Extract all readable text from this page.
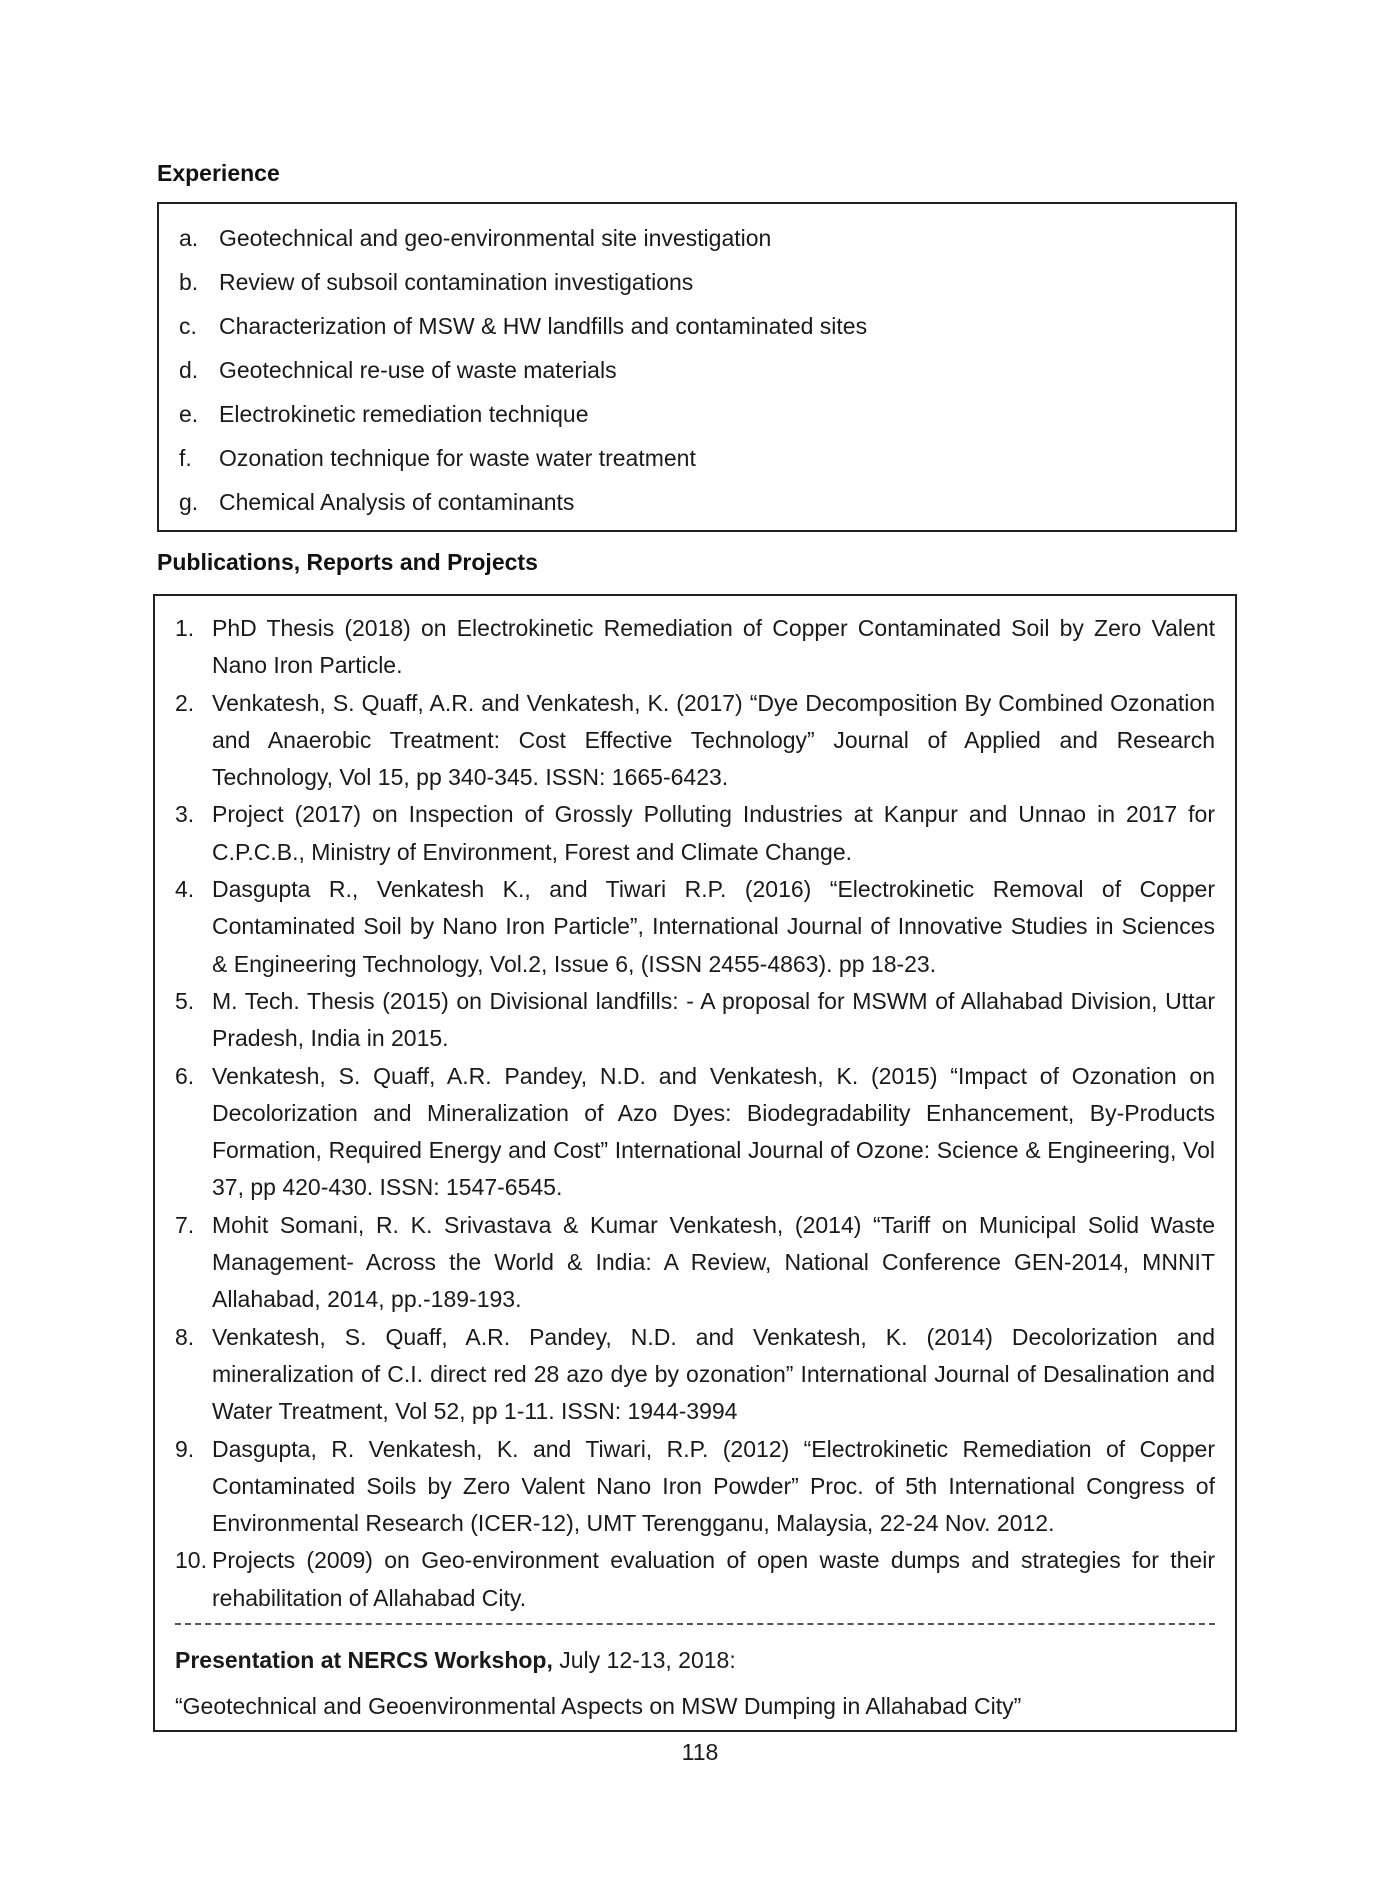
Experience
a. Geotechnical and geo-environmental site investigation
b. Review of subsoil contamination investigations
c. Characterization of MSW & HW landfills and contaminated sites
d. Geotechnical re-use of waste materials
e. Electrokinetic remediation technique
f.	Ozonation technique for waste water treatment
g. Chemical Analysis of contaminants
Publications, Reports and Projects
1. PhD Thesis (2018) on Electrokinetic Remediation of Copper Contaminated Soil by Zero Valent Nano Iron Particle.
2. Venkatesh, S. Quaff, A.R. and Venkatesh, K. (2017) “Dye Decomposition By Combined Ozonation and Anaerobic Treatment: Cost Effective Technology” Journal of Applied and Research Technology, Vol 15, pp 340-345. ISSN: 1665-6423.
3. Project (2017) on Inspection of Grossly Polluting Industries at Kanpur and Unnao in 2017 for C.P.C.B., Ministry of Environment, Forest and Climate Change.
4. Dasgupta R., Venkatesh K., and Tiwari R.P. (2016) “Electrokinetic Removal of Copper Contaminated Soil by Nano Iron Particle”, International Journal of Innovative Studies in Sciences & Engineering Technology, Vol.2, Issue 6, (ISSN 2455-4863). pp 18-23.
5. M. Tech. Thesis (2015) on Divisional landfills: - A proposal for MSWM of Allahabad Division, Uttar Pradesh, India in 2015.
6. Venkatesh, S. Quaff, A.R. Pandey, N.D. and Venkatesh, K. (2015) “Impact of Ozonation on Decolorization and Mineralization of Azo Dyes: Biodegradability Enhancement, By-Products Formation, Required Energy and Cost” International Journal of Ozone: Science & Engineering, Vol 37, pp 420-430. ISSN: 1547-6545.
7. Mohit Somani, R. K. Srivastava & Kumar Venkatesh, (2014) “Tariff on Municipal Solid Waste Management- Across the World & India: A Review, National Conference GEN-2014, MNNIT Allahabad, 2014, pp.-189-193.
8. Venkatesh, S. Quaff, A.R. Pandey, N.D. and Venkatesh, K. (2014) Decolorization and mineralization of C.I. direct red 28 azo dye by ozonation” International Journal of Desalination and Water Treatment, Vol 52, pp 1-11. ISSN: 1944-3994
9. Dasgupta, R. Venkatesh, K. and Tiwari, R.P. (2012) “Electrokinetic Remediation of Copper Contaminated Soils by Zero Valent Nano Iron Powder” Proc. of 5th International Congress of Environmental Research (ICER-12), UMT Terengganu, Malaysia, 22-24 Nov. 2012.
10. Projects (2009) on Geo-environment evaluation of open waste dumps and strategies for their rehabilitation of Allahabad City.
Presentation at NERCS Workshop, July 12-13, 2018:
“Geotechnical and Geoenvironmental Aspects on MSW Dumping in Allahabad City”
118
